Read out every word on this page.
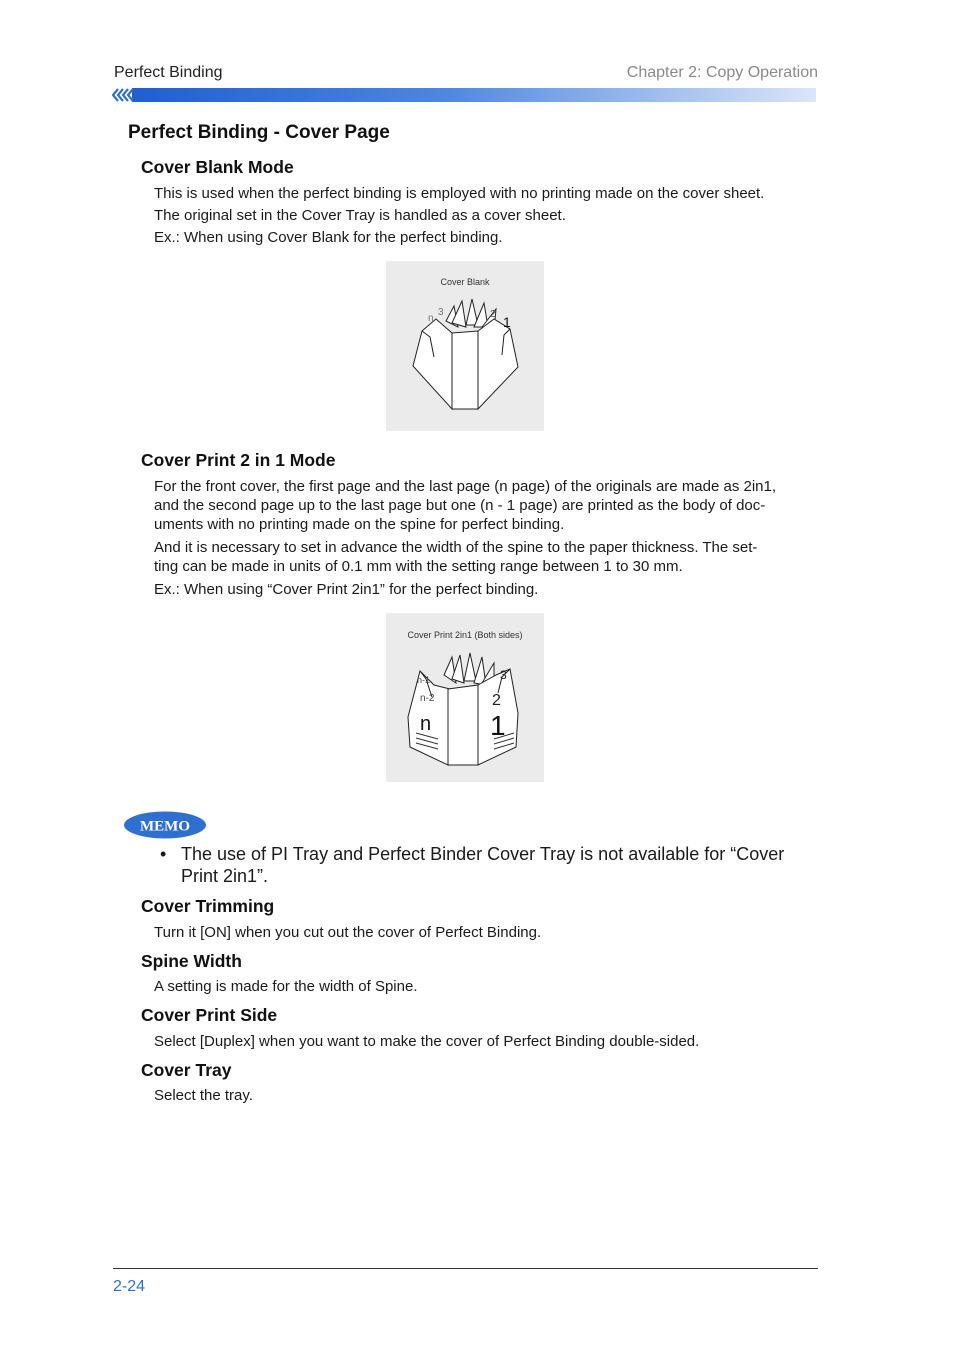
Perfect Binding	Chapter 2: Copy Operation
Perfect Binding - Cover Page
Cover Blank Mode
This is used when the perfect binding is employed with no printing made on the cover sheet.
The original set in the Cover Tray is handled as a cover sheet.
Ex.: When using Cover Blank for the perfect binding.
Cover Blank
n
3	2 1
Cover Print 2 in 1 Mode
For the front cover, the first page and the last page (n page) of the originals are made as 2in1,
and the second page up to the last page but one (n - 1 page) are printed as the body of doc-
uments with no printing made on the spine for perfect binding.
And it is necessary to set in advance the width of the spine to the paper thickness. The set-
ting can be made in units of 0.1 mm with the setting range between 1 to 30 mm.
Ex.: When using “Cover Print 2in1” for the perfect binding.
Cover Print 2in1 (Both sides)
n-1
n-2
3
2
n 1
MEMO
• The use of PI Tray and Perfect Binder Cover Tray is not available for “Cover Print 2in1”.
Cover Trimming
Turn it [ON] when you cut out the cover of Perfect Binding.
Spine Width
A setting is made for the width of Spine.
Cover Print Side
Select [Duplex] when you want to make the cover of Perfect Binding double-sided.
Cover Tray
Select the tray.
2-24
